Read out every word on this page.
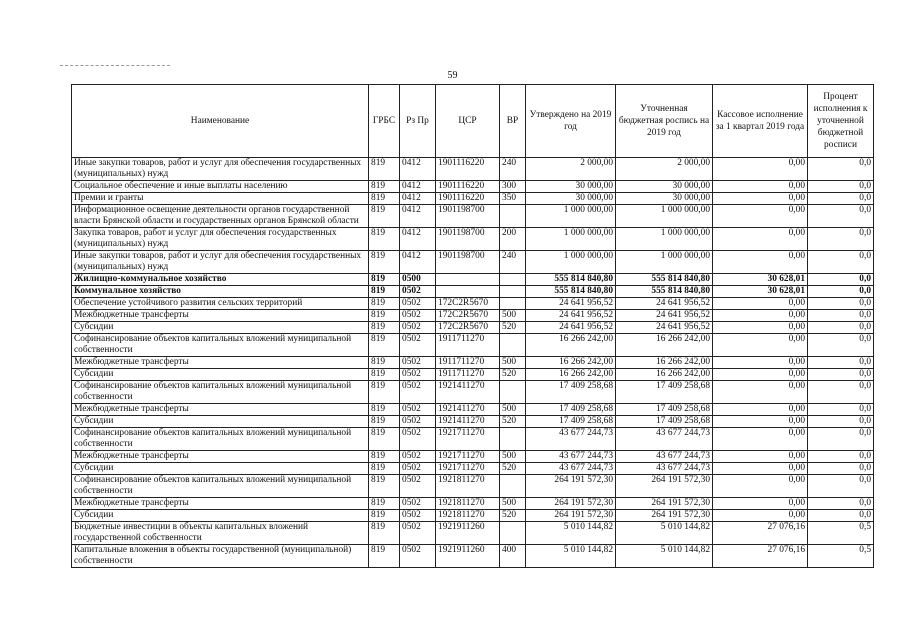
59
Наименование	ГРБС	Рз Пр	ЦСР	ВР	Утверждено на 2019 год	Уточненная бюджетная роспись на 2019 год	Кассовое исполнение за 1 квартал 2019 года	Процент исполнения к уточненной бюджетной росписи
Иные закупки товаров, работ и услуг для обеспечения государственных (муниципальных) нужд	819	0412	1901116220	240	2 000,00	2 000,00	0,00	0,0
Социальное обеспечение и иные выплаты населению	819	0412	1901116220	300	30 000,00	30 000,00	0,00	0,0
Премии и гранты	819	0412	1901116220	350	30 000,00	30 000,00	0,00	0,0
Информационное освещение деятельности органов государственной власти Брянской области и государственных органов Брянской области	819	0412	1901198700		1 000 000,00	1 000 000,00	0,00	0,0
Закупка товаров, работ и услуг для обеспечения государственных (муниципальных) нужд	819	0412	1901198700	200	1 000 000,00	1 000 000,00	0,00	0,0
Иные закупки товаров, работ и услуг для обеспечения государственных (муниципальных) нужд	819	0412	1901198700	240	1 000 000,00	1 000 000,00	0,00	0,0
Жилищно-коммунальное хозяйство	819	0500			555 814 840,80	555 814 840,80	30 628,01	0,0
Коммунальное хозяйство	819	0502			555 814 840,80	555 814 840,80	30 628,01	0,0
Обеспечение устойчивого развития сельских территорий	819	0502	172C2R5670		24 641 956,52	24 641 956,52	0,00	0,0
Межбюджетные трансферты	819	0502	172C2R5670	500	24 641 956,52	24 641 956,52	0,00	0,0
Субсидии	819	0502	172C2R5670	520	24 641 956,52	24 641 956,52	0,00	0,0
Софинансирование объектов капитальных вложений муниципальной собственности	819	0502	1911711270		16 266 242,00	16 266 242,00	0,00	0,0
Межбюджетные трансферты	819	0502	1911711270	500	16 266 242,00	16 266 242,00	0,00	0,0
Субсидии	819	0502	1911711270	520	16 266 242,00	16 266 242,00	0,00	0,0
Софинансирование объектов капитальных вложений муниципальной собственности	819	0502	1921411270		17 409 258,68	17 409 258,68	0,00	0,0
Межбюджетные трансферты	819	0502	1921411270	500	17 409 258,68	17 409 258,68	0,00	0,0
Субсидии	819	0502	1921411270	520	17 409 258,68	17 409 258,68	0,00	0,0
Софинансирование объектов капитальных вложений муниципальной собственности	819	0502	1921711270		43 677 244,73	43 677 244,73	0,00	0,0
Межбюджетные трансферты	819	0502	1921711270	500	43 677 244,73	43 677 244,73	0,00	0,0
Субсидии	819	0502	1921711270	520	43 677 244,73	43 677 244,73	0,00	0,0
Софинансирование объектов капитальных вложений муниципальной собственности	819	0502	1921811270		264 191 572,30	264 191 572,30	0,00	0,0
Межбюджетные трансферты	819	0502	1921811270	500	264 191 572,30	264 191 572,30	0,00	0,0
Субсидии	819	0502	1921811270	520	264 191 572,30	264 191 572,30	0,00	0,0
Бюджетные инвестиции в объекты капитальных вложений государственной собственности	819	0502	1921911260		5 010 144,82	5 010 144,82	27 076,16	0,5
Капитальные вложения в объекты государственной (муниципальной) собственности	819	0502	1921911260	400	5 010 144,82	5 010 144,82	27 076,16	0,5
